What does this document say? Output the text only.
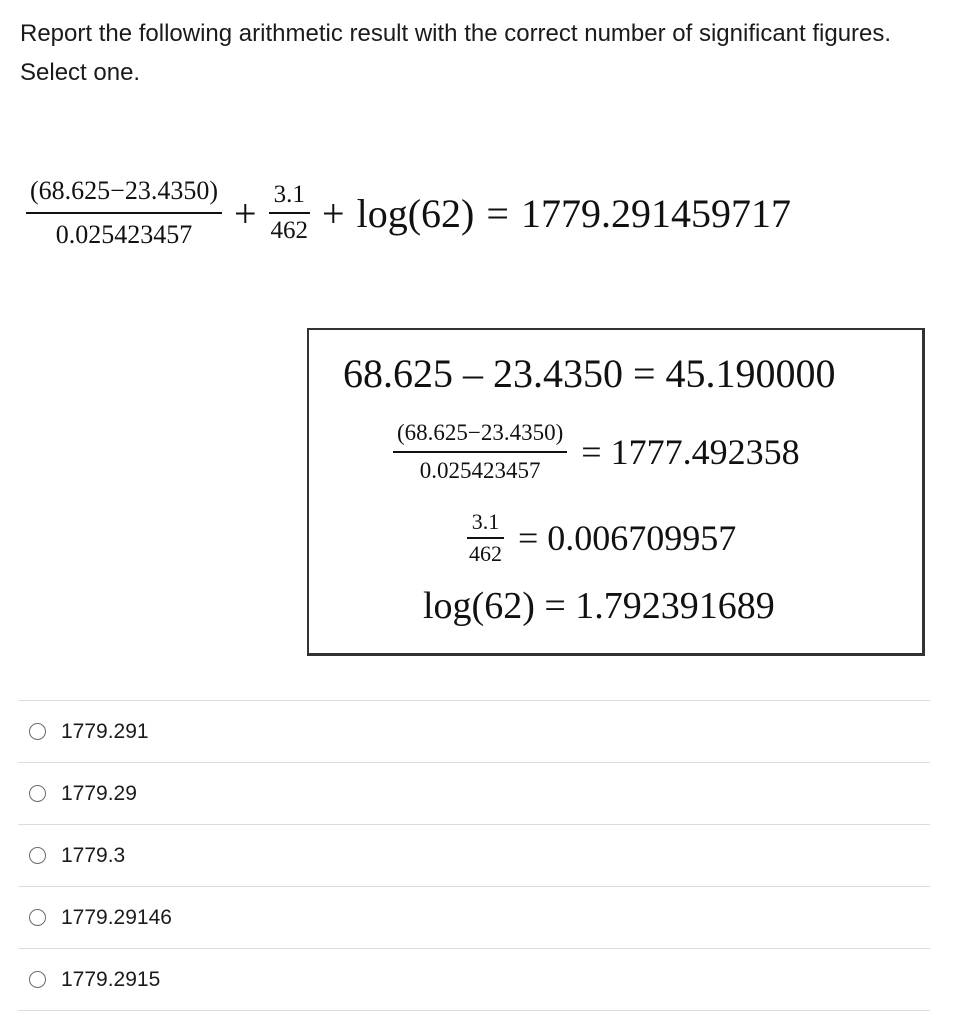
Report the following arithmetic result with the correct number of significant figures. Select one.
$\frac{(68.625-23.4350)}{0.025423457} + \frac{3.1}{462} + \log(62) = 1779.291459717$
68.625 – 23.4350 = 45.190000
$\frac{(68.625-23.4350)}{0.025423457} = 1777.492358$
$\frac{3.1}{462} = 0.006709957$
log(62) = 1.792391689
1779.291
1779.29
1779.3
1779.29146
1779.2915
